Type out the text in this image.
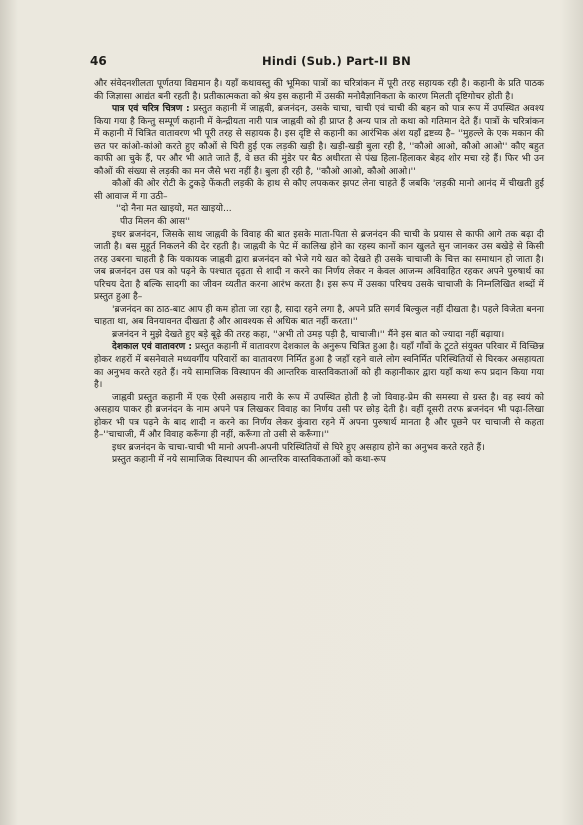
46	Hindi (Sub.) Part-II BN

और संवेदनशीलता पूर्णतया विद्यमान है। यहाँ कथावस्तु की भूमिका पात्रों का चरित्रांकन में पूरी तरह सहायक रही है। कहानी के प्रति पाठक की जिज्ञासा आद्यंत बनी रहती है। प्रतीकात्मकता को श्रेय इस कहानी में उसकी मनोवैज्ञानिकता के कारण मिलती दृष्टिगोचर होती है।

पात्र एवं चरित्र चित्रण : प्रस्तुत कहानी में जाह्नवी, ब्रजनंदन, उसके चाचा, चाची एवं चाची की बहन को पात्र रूप में उपस्थित अवश्य किया गया है किन्तु सम्पूर्ण कहानी में केन्द्रीयता नारी पात्र जाह्नवी को ही प्राप्त है अन्य पात्र तो कथा को गतिमान देते हैं। पात्रों के चरित्रांकन में कहानी में चित्रित वातावरण भी पूरी तरह से सहायक है। इस दृष्टि से कहानी का आरंभिक अंश यहाँ द्रष्टव्य है– ''मुहल्ले के एक मकान की छत पर कांओ-कांओ करते हुए कौओं से घिरी हुई एक लड़की खड़ी है। खड़ी-खड़ी बुला रही है, ''कौओ आओ, कौओ आओ'' कौए बहुत काफी आ चुके हैं, पर और भी आते जाते हैं, वे छत की मुंडेर पर बैठ अधीरता से पंख हिला-हिलाकर बेहद शोर मचा रहे हैं। फिर भी उन कौओं की संख्या से लड़की का मन जैसे भरा नहीं है। बुला ही रही है, ''कौओ आओ, कौओ आओ।''

कौओं की ओर रोटी के टुकड़े फेंकती लड़की के हाथ से कौए लपककर झपट लेना चाहते हैं जबकि 'लड़की मानो आनंद में चीखती हुई सी आवाज में गा उठी–

''दो नैना मत खाइयो, मत खाइयो...

पीउ मिलन की आस''

इधर ब्रजनंदन, जिसके साथ जाह्नवी के विवाह की बात इसके माता-पिता से ब्रजनंदन की चाची के प्रयास से काफी आगे तक बढ़ा दी जाती है। बस मुहूर्त निकलने की देर रहती है। जाह्नवी के पेट में कालिख होने का रहस्य कानों कान खुलते सुन जानकर उस बखेड़े से किसी तरह उबरना चाहती है कि यकायक जाह्नवी द्वारा ब्रजनंदन को भेजे गये खत को देखते ही उसके चाचाजी के चित्त का समाधान हो जाता है। जब ब्रजनंदन उस पत्र को पढ़ने के पश्चात दृढ़ता से शादी न करने का निर्णय लेकर न केवल आजन्म अविवाहित रहकर अपने पुरुषार्थ का परिचय देता है बल्कि सादगी का जीवन व्यतीत करना आरंभ करता है। इस रूप में उसका परिचय उसके चाचाजी के निम्नलिखित शब्दों में प्रस्तुत हुआ है–

'ब्रजनंदन का ठाठ-बाट आप ही कम होता जा रहा है, सादा रहने लगा है, अपने प्रति सगर्व बिल्कुल नहीं दीखता है। पहले विजेता बनना चाहता था, अब विनयावनत दीखता है और आवश्यक से अधिक बात नहीं करता।''

ब्रजनंदन ने मुझे देखते हुए बड़े बूढ़े की तरह कहा, ''अभी तो उमड़ पड़ी है, चाचाजी।'' मैंने इस बात को ज्यादा नहीं बढ़ाया।

देशकाल एवं वातावरण : प्रस्तुत कहानी में वातावरण देशकाल के अनुरूप चित्रित हुआ है। यहाँ गाँवों के टूटते संयुक्त परिवार में विच्छिन्न होकर शहरों में बसनेवाले मध्यवर्गीय परिवारों का वातावरण निर्मित हुआ है जहाँ रहने वाले लोग स्वनिर्मित परिस्थितियों से घिरकर असहायता का अनुभव करते रहते हैं। नये सामाजिक विस्थापन की आन्तरिक वास्तविकताओं को ही कहानीकार द्वारा यहाँ कथा रूप प्रदान किया गया है।

जाह्नवी प्रस्तुत कहानी में एक ऐसी असहाय नारी के रूप में उपस्थित होती है जो विवाह-प्रेम की समस्या से ग्रस्त है। वह स्वयं को असहाय पाकर ही ब्रजनंदन के नाम अपने पत्र लिखकर विवाह का निर्णय उसी पर छोड़ देती है। वहीं दूसरी तरफ ब्रजनंदन भी पढ़ा-लिखा होकर भी पत्र पढ़ने के बाद शादी न करने का निर्णय लेकर कुंवारा रहने में अपना पुरुषार्थ मानता है और पूछने पर चाचाजी से कहता है–''चाचाजी, मैं और विवाह करूँगा ही नहीं, करूँगा तो उसी से करूँगा।''

इधर ब्रजनंदन के चाचा-चाची भी मानो अपनी-अपनी परिस्थितियों से घिरे हुए असहाय होने का अनुभव करते रहते हैं।

प्रस्तुत कहानी में नये सामाजिक विस्थापन की आन्तरिक वास्तविकताओं को कथा-रूप
